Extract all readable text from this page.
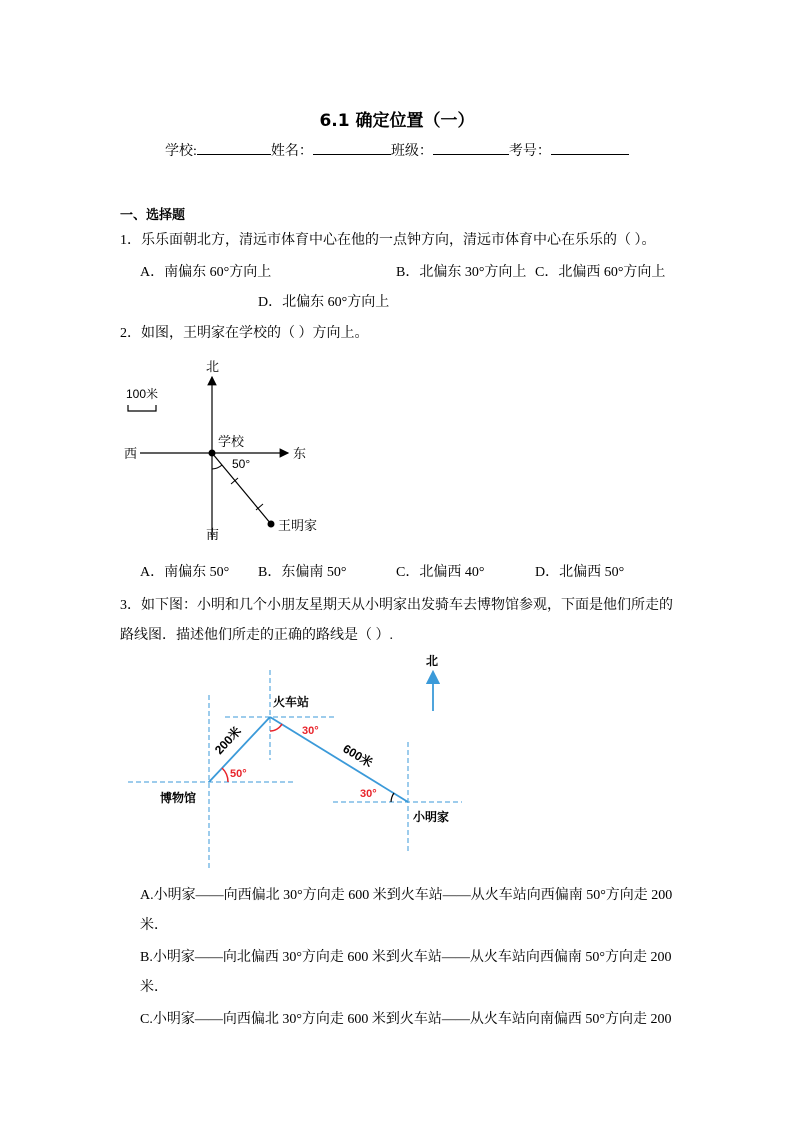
6.1 确定位置（一）
学校:	姓名：	班级：	考号：
一、选择题
1．乐乐面朝北方，清远市体育中心在他的一点钟方向，清远市体育中心在乐乐的（ ）。
A．南偏东 60°方向上	B．北偏东 30°方向上 C．北偏西 60°方向上
D．北偏东 60°方向上
2．如图，王明家在学校的（ ）方向上。
北
南
东
西
100米
学校
50°
王明家
A．南偏东 50° B．东偏南 50°	C．北偏西 40°	D．北偏西 50°
3．如下图：小明和几个小朋友星期天从小明家出发骑车去博物馆参观，下面是他们所走的
路线图．描述他们所走的正确的路线是（ ）.
北
50°
30°
30°
火车站
博物馆
小明家
200米	600米
A.小明家——向西偏北 30°方向走 600 米到火车站——从火车站向西偏南 50°方向走 200
米．
B.小明家——向北偏西 30°方向走 600 米到火车站——从火车站向西偏南 50°方向走 200
米．
C.小明家——向西偏北 30°方向走 600 米到火车站——从火车站向南偏西 50°方向走 200
